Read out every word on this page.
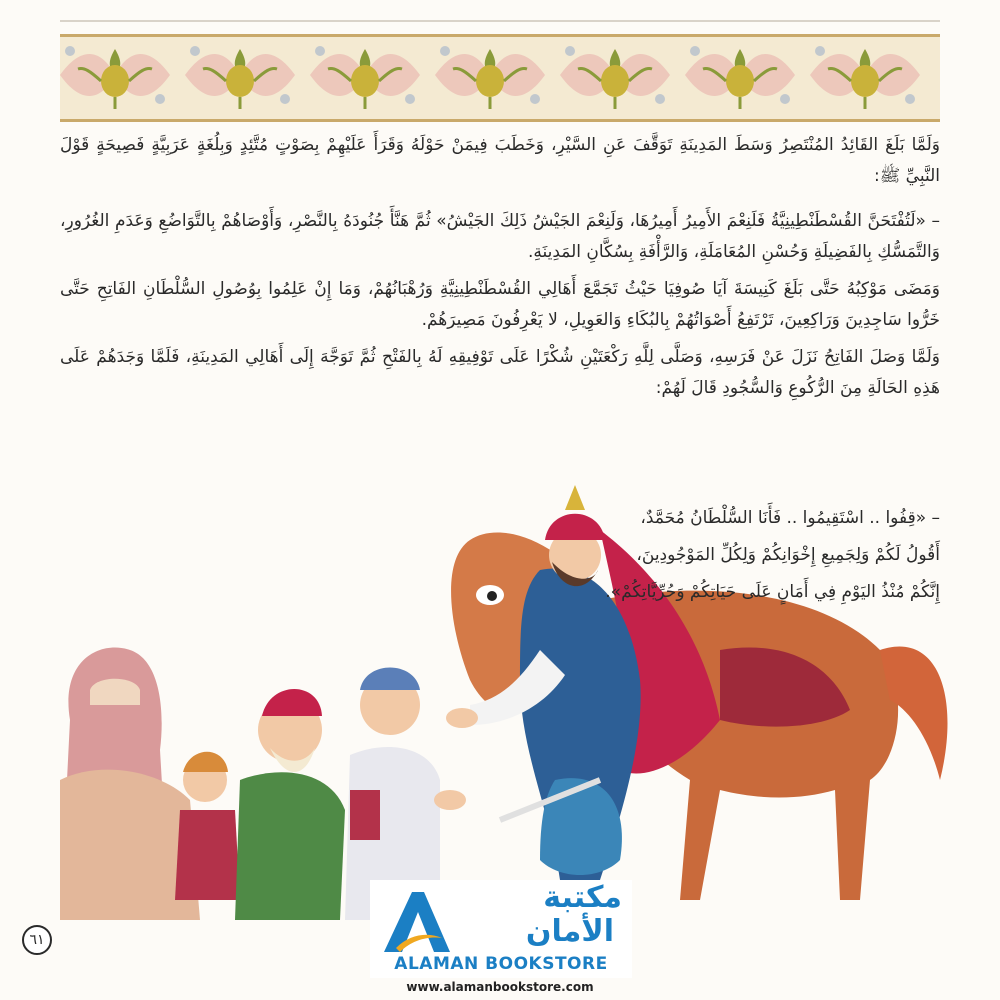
وَلَمَّا بَلَغَ القَائِدُ المُنْتَصِرُ وَسَطَ المَدِينَةِ تَوَقَّفَ عَنِ السَّيْرِ، وَخَطَبَ فِيمَنْ حَوْلَهُ وَقَرَأَ عَلَيْهِمْ بِصَوْتٍ مُتَّئِدٍ وَبِلُغَةٍ عَرَبِيَّةٍ فَصِيحَةٍ قَوْلَ النَّبِيِّ ﷺ:

– «لَتُفْتَحَنَّ القُسْطَنْطِينِيَّةُ فَلَنِعْمَ الأَمِيرُ أَمِيرُهَا، وَلَنِعْمَ الجَيْشُ ذَلِكَ الجَيْشُ» ثُمَّ هَنَّأَ جُنُودَهُ بِالنَّصْرِ، وَأَوْصَاهُمْ بِالتَّوَاضُعِ وَعَدَمِ الغُرُورِ، وَالتَّمَسُّكِ بِالفَضِيلَةِ وَحُسْنِ المُعَامَلَةِ، وَالرَّأْفَةِ بِسُكَّانِ المَدِينَةِ.

وَمَضَى مَوْكِبُهُ حَتَّى بَلَغَ كَنِيسَةَ آيَا صُوفِيَا حَيْثُ تَجَمَّعَ أَهَالِي القُسْطَنْطِينِيَّةِ وَرُهْبَانُهُمْ، وَمَا إِنْ عَلِمُوا بِوُصُولِ السُّلْطَانِ الفَاتِحِ حَتَّى خَرُّوا سَاجِدِينَ وَرَاكِعِينَ، تَرْتَفِعُ أَصْوَاتُهُمْ بِالبُكَاءِ وَالعَوِيلِ، لا يَعْرِفُونَ مَصِيرَهُمْ.

وَلَمَّا وَصَلَ الفَاتِحُ نَزَلَ عَنْ فَرَسِهِ، وَصَلَّى لِلَّهِ رَكْعَتَيْنِ شُكْرًا عَلَى تَوْفِيقِهِ لَهُ بِالفَتْحِ ثُمَّ تَوَجَّهَ إِلَى أَهَالِي المَدِينَةِ، فَلَمَّا وَجَدَهُمْ عَلَى هَذِهِ الحَالَةِ مِنَ الرُّكُوعِ وَالسُّجُودِ قَالَ لَهُمْ:

– «قِفُوا .. اسْتَقِيمُوا .. فَأَنَا السُّلْطَانُ مُحَمَّدٌ،
أَقُولُ لَكُمْ وَلِجَمِيعِ إِخْوَانِكُمْ وَلِكُلِّ المَوْجُودِينَ،
إِنَّكُمْ مُنْذُ اليَوْمِ فِي أَمَانٍ عَلَى حَيَاتِكُمْ وَحُرِّيَّاتِكُمْ».
٦١
مكتبة
الأمان
ALAMAN BOOKSTORE
www.alamanbookstore.com
